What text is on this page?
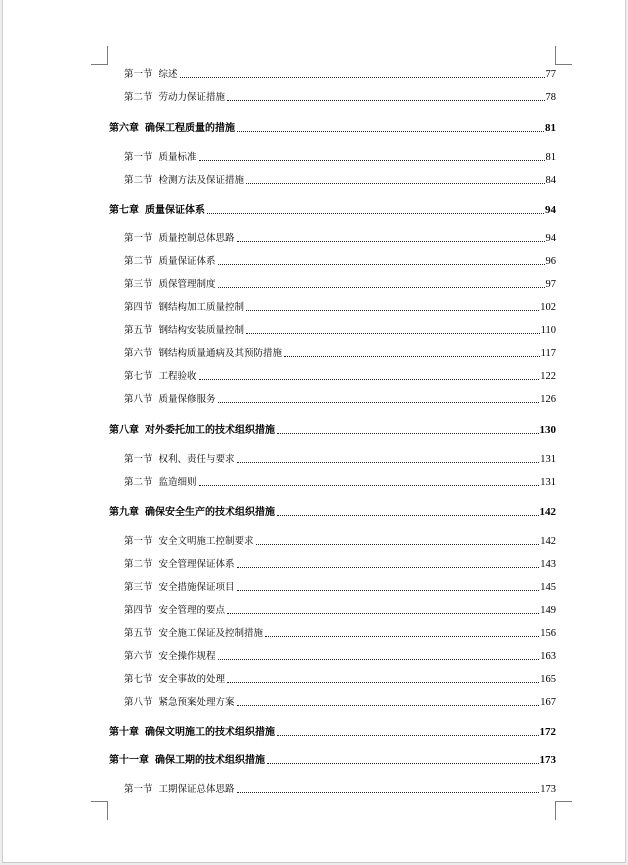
第一节 综述	77
第二节 劳动力保证措施	78
第六章 确保工程质量的措施	81
第一节 质量标准	81
第二节 检测方法及保证措施	84
第七章 质量保证体系	94
第一节 质量控制总体思路	94
第二节 质量保证体系	96
第三节 质保管理制度	97
第四节 钢结构加工质量控制	102
第五节 钢结构安装质量控制	110
第六节 钢结构质量通病及其预防措施	117
第七节 工程验收	122
第八节 质量保修服务	126
第八章 对外委托加工的技术组织措施	130
第一节 权利、责任与要求	131
第二节 监造细则	131
第九章 确保安全生产的技术组织措施	142
第一节 安全文明施工控制要求	142
第二节 安全管理保证体系	143
第三节 安全措施保证项目	145
第四节 安全管理的要点	149
第五节 安全施工保证及控制措施	156
第六节 安全操作规程	163
第七节 安全事故的处理	165
第八节 紧急预案处理方案	167
第十章 确保文明施工的技术组织措施	172
第十一章 确保工期的技术组织措施	173
第一节 工期保证总体思路	173
